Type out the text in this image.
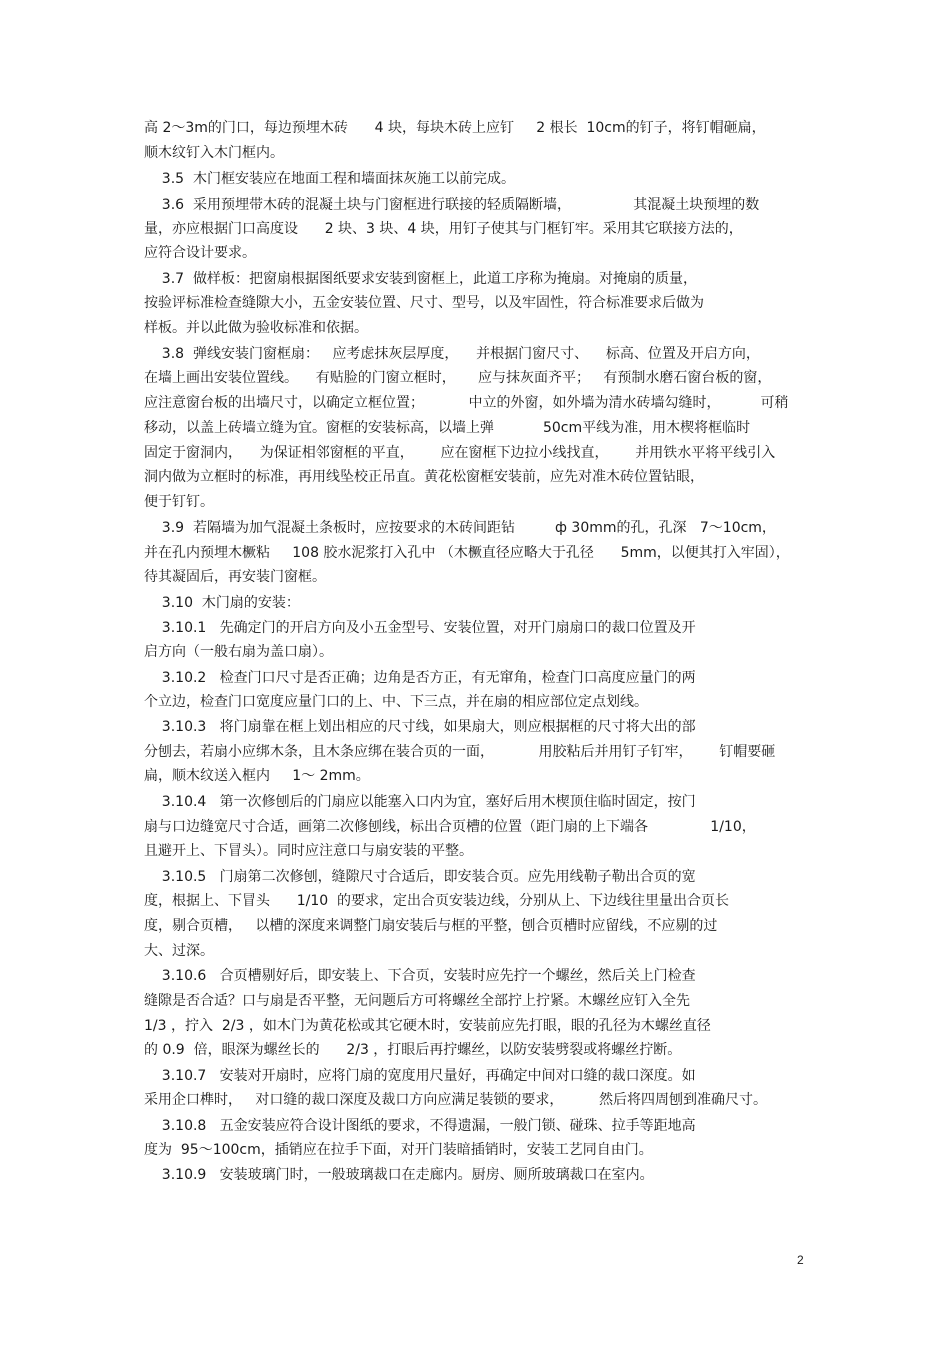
高 2～3m的门口，每边预埋木砖      4 块，每块木砖上应钉     2 根长  10cm的钉子，将钉帽砸扁，
顺木纹钉入木门框内。
3.5  木门框安装应在地面工程和墙面抹灰施工以前完成。
3.6  采用预埋带木砖的混凝土块与门窗框进行联接的轻质隔断墙，              其混凝土块预埋的数
量，亦应根据门口高度设      2 块、3 块、4 块，用钉子使其与门框钉牢。采用其它联接方法的，
应符合设计要求。
3.7  做样板：把窗扇根据图纸要求安装到窗框上，此道工序称为掩扇。对掩扇的质量，
按验评标准检查缝隙大小，五金安装位置、尺寸、型号，以及牢固性，符合标准要求后做为
样板。并以此做为验收标准和依据。
3.8  弹线安装门窗框扇：   应考虑抹灰层厚度，    并根据门窗尺寸、    标高、位置及开启方向，
在墙上画出安装位置线。    有贴脸的门窗立框时，     应与抹灰面齐平；   有预制水磨石窗台板的窗，
应注意窗台板的出墙尺寸，以确定立框位置；          中立的外窗，如外墙为清水砖墙勾缝时，         可稍
移动，以盖上砖墙立缝为宜。窗框的安装标高，以墙上弹           50cm平线为准，用木楔将框临时
固定于窗洞内，    为保证相邻窗框的平直，      应在窗框下边拉小线找直，      并用铁水平将平线引入
洞内做为立框时的标准，再用线坠校正吊直。黄花松窗框安装前，应先对准木砖位置钻眼，
便于钉钉。
3.9  若隔墙为加气混凝土条板时，应按要求的木砖间距钻         ф 30mm的孔，孔深   7～10cm，
并在孔内预埋木橛粘     108 胶水泥浆打入孔中 （木橛直径应略大于孔径      5mm，以便其打入牢固），
待其凝固后，再安装门窗框。
3.10  木门扇的安装：
3.10.1   先确定门的开启方向及小五金型号、安装位置，对开门扇扇口的裁口位置及开
启方向（一般右扇为盖口扇）。
3.10.2   检查门口尺寸是否正确；边角是否方正，有无窜角，检查门口高度应量门的两
个立边，检查门口宽度应量门口的上、中、下三点，并在扇的相应部位定点划线。
3.10.3   将门扇靠在框上划出相应的尺寸线，如果扇大，则应根据框的尺寸将大出的部
分刨去，若扇小应绑木条，且木条应绑在装合页的一面，          用胶粘后并用钉子钉牢，      钉帽要砸
扁，顺木纹送入框内     1～ 2mm。
3.10.4   第一次修刨后的门扇应以能塞入口内为宜，塞好后用木楔顶住临时固定，按门
扇与口边缝宽尺寸合适，画第二次修刨线，标出合页槽的位置（距门扇的上下端各              1/10，
且避开上、下冒头）。同时应注意口与扇安装的平整。
3.10.5   门扇第二次修刨，缝隙尺寸合适后，即安装合页。应先用线勒子勒出合页的宽
度，根据上、下冒头      1/10  的要求，定出合页安装边线，分别从上、下边线往里量出合页长
度，剔合页槽，   以槽的深度来调整门扇安装后与框的平整，刨合页槽时应留线，不应剔的过
大、过深。
3.10.6   合页槽剔好后，即安装上、下合页，安装时应先拧一个螺丝，然后关上门检查
缝隙是否合适？口与扇是否平整，无问题后方可将螺丝全部拧上拧紧。木螺丝应钉入全先
1/3 ，拧入  2/3 ，如木门为黄花松或其它硬木时，安装前应先打眼，眼的孔径为木螺丝直径
的 0.9  倍，眼深为螺丝长的      2/3 ，打眼后再拧螺丝，以防安装劈裂或将螺丝拧断。
3.10.7   安装对开扇时，应将门扇的宽度用尺量好，再确定中间对口缝的裁口深度。如
采用企口榫时，   对口缝的裁口深度及裁口方向应满足装锁的要求，        然后将四周刨到准确尺寸。
3.10.8   五金安装应符合设计图纸的要求，不得遗漏，一般门锁、碰珠、拉手等距地高
度为  95～100cm，插销应在拉手下面，对开门装暗插销时，安装工艺同自由门。
3.10.9   安装玻璃门时，一般玻璃裁口在走廊内。厨房、厕所玻璃裁口在室内。
2
